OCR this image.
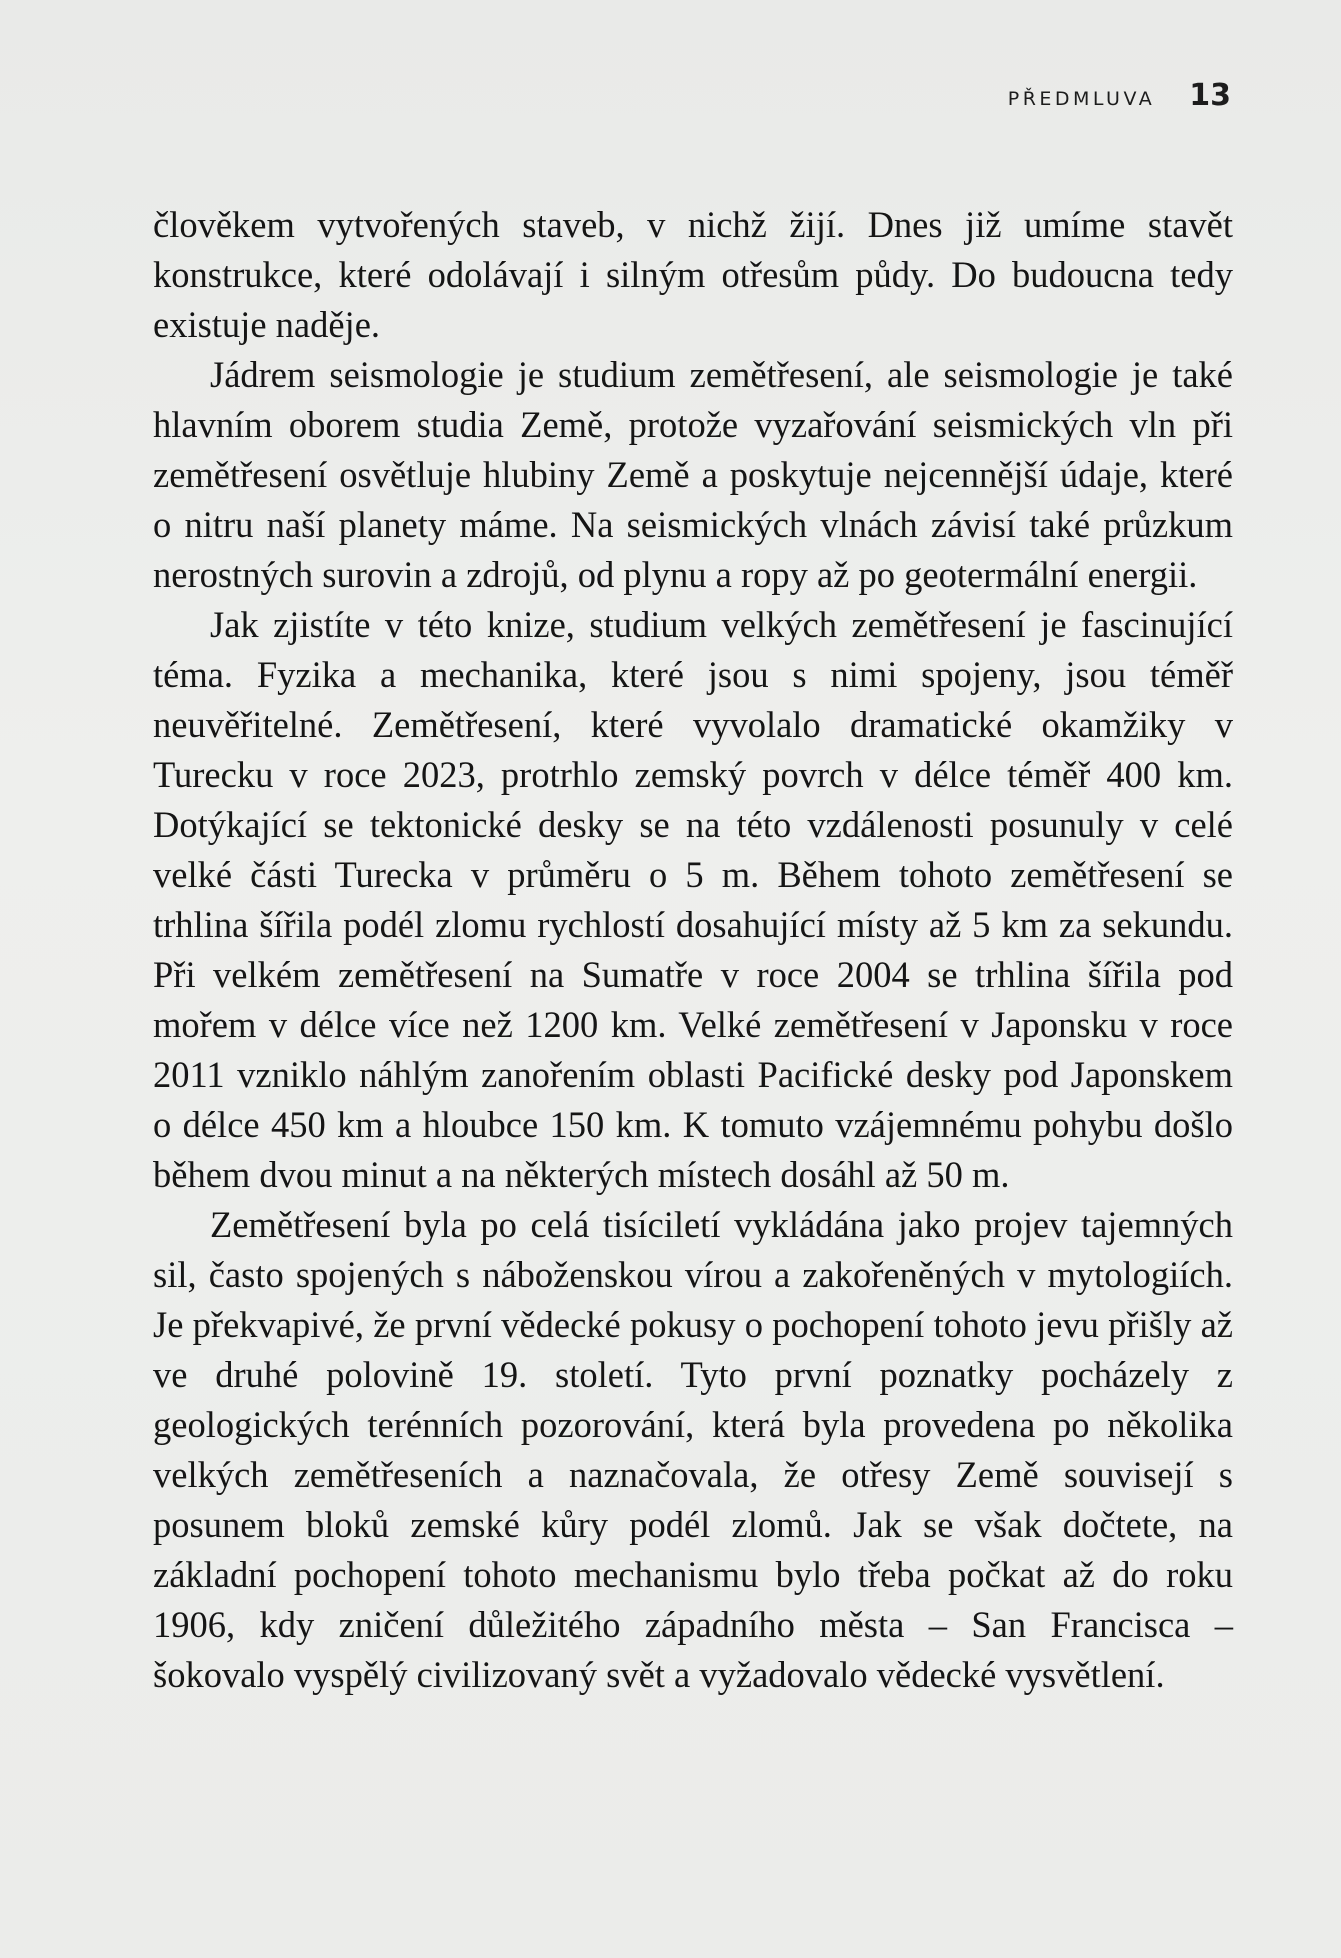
PŘEDMLUVA 13

člověkem vytvořených staveb, v nichž žijí. Dnes již umíme stavět konstrukce, které odolávají i silným otřesům půdy. Do budoucna tedy existuje naděje.

Jádrem seismologie je studium zemětřesení, ale seismologie je také hlavním oborem studia Země, protože vyzařování seismických vln při zemětřesení osvětluje hlubiny Země a poskytuje nejcennější údaje, které o nitru naší planety máme. Na seismických vlnách závisí také průzkum nerostných surovin a zdrojů, od plynu a ropy až po geotermální energii.

Jak zjistíte v této knize, studium velkých zemětřesení je fascinující téma. Fyzika a mechanika, které jsou s nimi spojeny, jsou téměř neuvěřitelné. Zemětřesení, které vyvolalo dramatické okamžiky v Turecku v roce 2023, protrhlo zemský povrch v délce téměř 400 km. Dotýkající se tektonické desky se na této vzdálenosti posunuly v celé velké části Turecka v průměru o 5 m. Během tohoto zemětřesení se trhlina šířila podél zlomu rychlostí dosahující místy až 5 km za sekundu. Při velkém zemětřesení na Sumatře v roce 2004 se trhlina šířila pod mořem v délce více než 1200 km. Velké zemětřesení v Japonsku v roce 2011 vzniklo náhlým zanořením oblasti Pacifické desky pod Japonskem o délce 450 km a hloubce 150 km. K tomuto vzájemnému pohybu došlo během dvou minut a na některých místech dosáhl až 50 m.

Zemětřesení byla po celá tisíciletí vykládána jako projev tajemných sil, často spojených s náboženskou vírou a zakořeněných v mytologiích. Je překvapivé, že první vědecké pokusy o pochopení tohoto jevu přišly až ve druhé polovině 19. století. Tyto první poznatky pocházely z geologických terénních pozorování, která byla provedena po několika velkých zemětřeseních a naznačovala, že otřesy Země souvisejí s posunem bloků zemské kůry podél zlomů. Jak se však dočtete, na základní pochopení tohoto mechanismu bylo třeba počkat až do roku 1906, kdy zničení důležitého západního města – San Francisca – šokovalo vyspělý civilizovaný svět a vyžadovalo vědecké vysvětlení.
